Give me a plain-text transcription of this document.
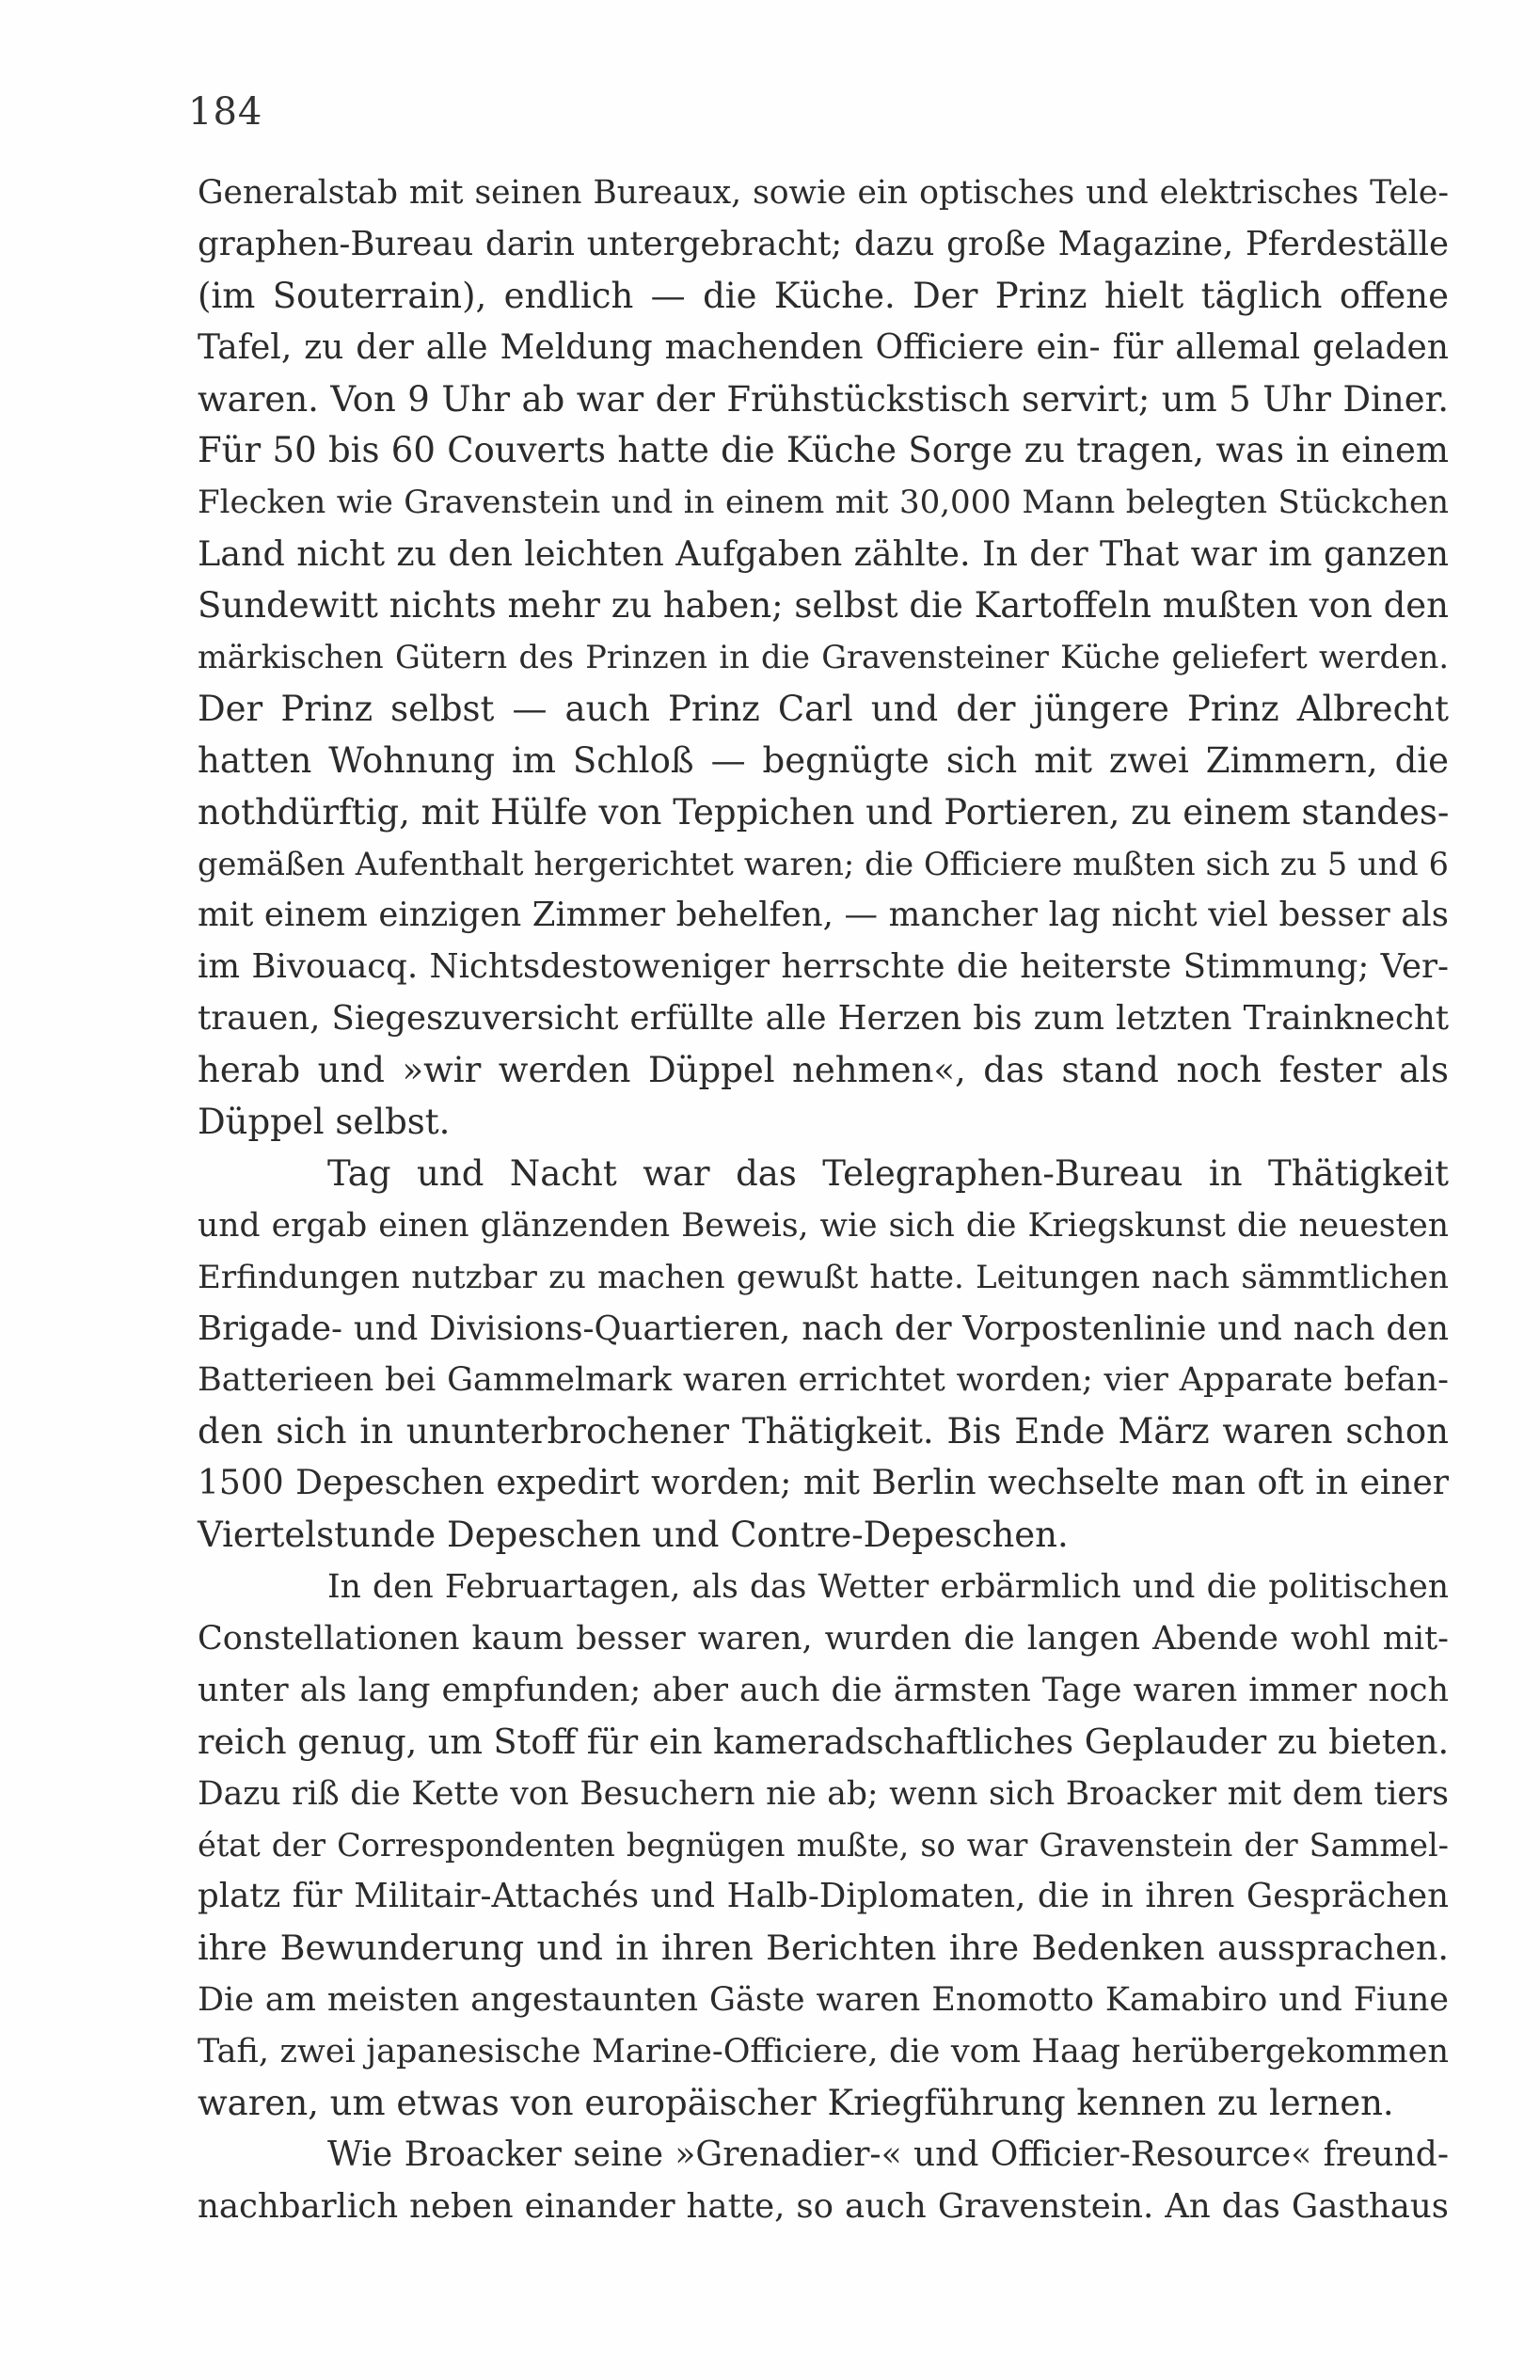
184
Generalstab mit seinen Bureaux, sowie ein optisches und elektrisches Tele-
graphen-Bureau darin untergebracht; dazu große Magazine, Pferdeställe
(im Souterrain), endlich — die Küche. Der Prinz hielt täglich offene
Tafel, zu der alle Meldung machenden Officiere ein- für allemal geladen
waren. Von 9 Uhr ab war der Frühstückstisch servirt; um 5 Uhr Diner.
Für 50 bis 60 Couverts hatte die Küche Sorge zu tragen, was in einem
Flecken wie Gravenstein und in einem mit 30,000 Mann belegten Stückchen
Land nicht zu den leichten Aufgaben zählte. In der That war im ganzen
Sundewitt nichts mehr zu haben; selbst die Kartoffeln mußten von den
märkischen Gütern des Prinzen in die Gravensteiner Küche geliefert werden.
Der Prinz selbst — auch Prinz Carl und der jüngere Prinz Albrecht
hatten Wohnung im Schloß — begnügte sich mit zwei Zimmern, die
nothdürftig, mit Hülfe von Teppichen und Portieren, zu einem standes-
gemäßen Aufenthalt hergerichtet waren; die Officiere mußten sich zu 5 und 6
mit einem einzigen Zimmer behelfen, — mancher lag nicht viel besser als
im Bivouacq. Nichtsdestoweniger herrschte die heiterste Stimmung; Ver-
trauen, Siegeszuversicht erfüllte alle Herzen bis zum letzten Trainknecht
herab und »wir werden Düppel nehmen«, das stand noch fester als
Düppel selbst.
Tag und Nacht war das Telegraphen-Bureau in Thätigkeit
und ergab einen glänzenden Beweis, wie sich die Kriegskunst die neuesten
Erfindungen nutzbar zu machen gewußt hatte. Leitungen nach sämmtlichen
Brigade- und Divisions-Quartieren, nach der Vorpostenlinie und nach den
Batterieen bei Gammelmark waren errichtet worden; vier Apparate befan-
den sich in ununterbrochener Thätigkeit. Bis Ende März waren schon
1500 Depeschen expedirt worden; mit Berlin wechselte man oft in einer
Viertelstunde Depeschen und Contre-Depeschen.
In den Februartagen, als das Wetter erbärmlich und die politischen
Constellationen kaum besser waren, wurden die langen Abende wohl mit-
unter als lang empfunden; aber auch die ärmsten Tage waren immer noch
reich genug, um Stoff für ein kameradschaftliches Geplauder zu bieten.
Dazu riß die Kette von Besuchern nie ab; wenn sich Broacker mit dem tiers
état der Correspondenten begnügen mußte, so war Gravenstein der Sammel-
platz für Militair-Attachés und Halb-Diplomaten, die in ihren Gesprächen
ihre Bewunderung und in ihren Berichten ihre Bedenken aussprachen.
Die am meisten angestaunten Gäste waren Enomotto Kamabiro und Fiune
Tafi, zwei japanesische Marine-Officiere, die vom Haag herübergekommen
waren, um etwas von europäischer Kriegführung kennen zu lernen.
Wie Broacker seine »Grenadier-« und Officier-Resource« freund-
nachbarlich neben einander hatte, so auch Gravenstein. An das Gasthaus
